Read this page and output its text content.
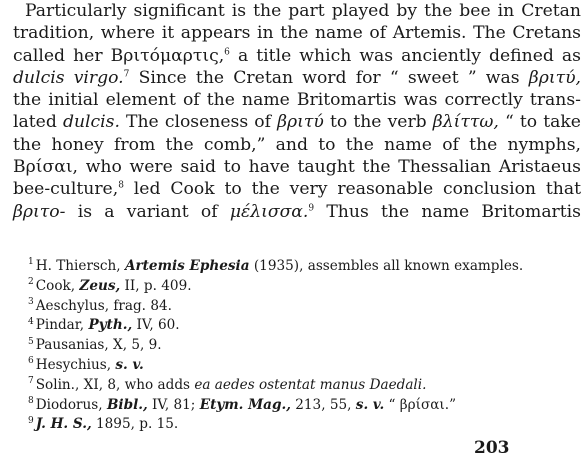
Particularly significant is the part played by the bee in Cretan
tradition, where it appears in the name of Artemis. The Cretans
called her Βριτόμαρτις,$^6$ a title which was anciently defined as
dulcis virgo.$^7$ Since the Cretan word for “ sweet ” was βριτύ,
the initial element of the name Britomartis was correctly trans-
lated dulcis. The closeness of βριτύ to the verb βλίττω, “ to take
the honey from the comb,” and to the name of the nymphs,
Βρίσαι, who were said to have taught the Thessalian Aristaeus
bee-culture,$^8$ led Cook to the very reasonable conclusion that
βριτο- is a variant of μέλισσα.$^9$ Thus the name Britomartis
$^1$ H. Thiersch, Artemis Ephesia (1935), assembles all known examples.
$^2$ Cook, Zeus, II, p. 409.
$^3$ Aeschylus, frag. 84.
$^4$ Pindar, Pyth., IV, 60.
$^5$ Pausanias, X, 5, 9.
$^6$ Hesychius, s. v.
$^7$ Solin., XI, 8, who adds ea aedes ostentat manus Daedali.
$^8$ Diodorus, Bibl., IV, 81; Etym. Mag., 213, 55, s. v. “ βρίσαι.”
$^9$ J. H. S., 1895, p. 15.
203
